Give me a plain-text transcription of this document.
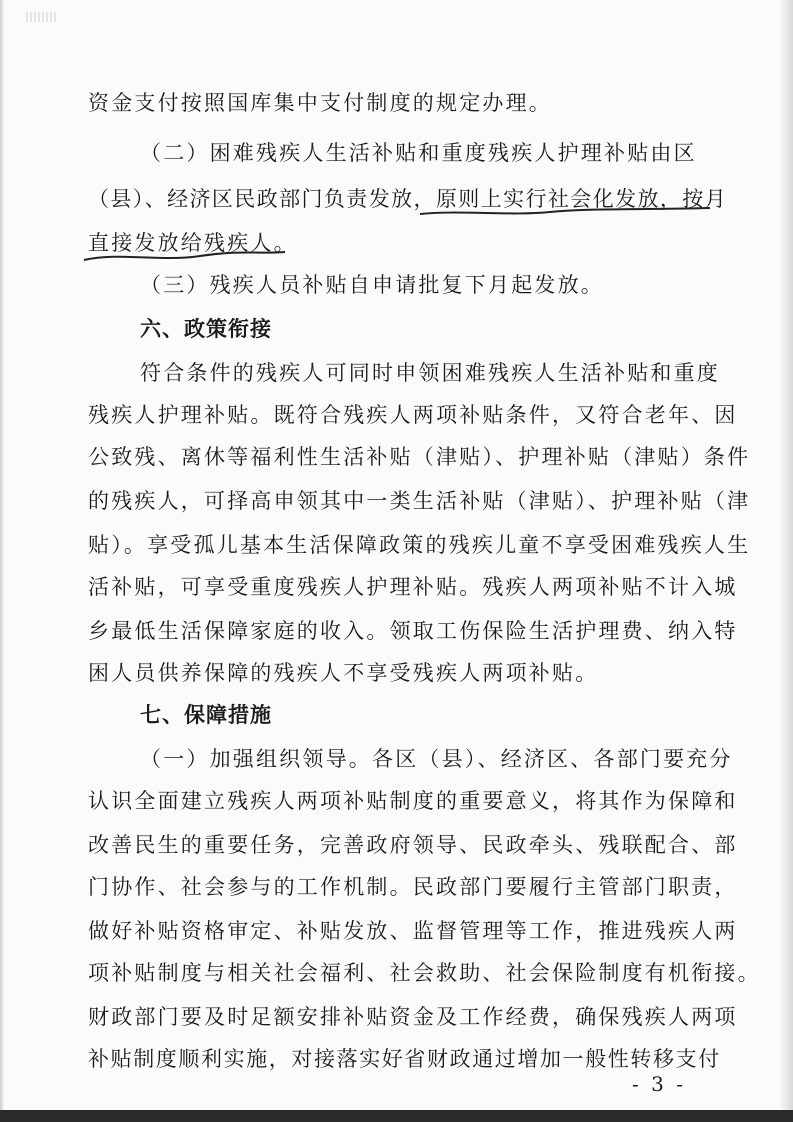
资金支付按照国库集中支付制度的规定办理。
（二）困难残疾人生活补贴和重度残疾人护理补贴由区
（县）、经济区民政部门负责发放，原则上实行社会化发放，按月
直接发放给残疾人。
（三）残疾人员补贴自申请批复下月起发放。
六、政策衔接
符合条件的残疾人可同时申领困难残疾人生活补贴和重度
残疾人护理补贴。既符合残疾人两项补贴条件，又符合老年、因
公致残、离休等福利性生活补贴（津贴）、护理补贴（津贴）条件
的残疾人，可择高申领其中一类生活补贴（津贴）、护理补贴（津
贴）。享受孤儿基本生活保障政策的残疾儿童不享受困难残疾人生
活补贴，可享受重度残疾人护理补贴。残疾人两项补贴不计入城
乡最低生活保障家庭的收入。领取工伤保险生活护理费、纳入特
困人员供养保障的残疾人不享受残疾人两项补贴。
七、保障措施
（一）加强组织领导。各区（县）、经济区、各部门要充分
认识全面建立残疾人两项补贴制度的重要意义，将其作为保障和
改善民生的重要任务，完善政府领导、民政牵头、残联配合、部
门协作、社会参与的工作机制。民政部门要履行主管部门职责，
做好补贴资格审定、补贴发放、监督管理等工作，推进残疾人两
项补贴制度与相关社会福利、社会救助、社会保险制度有机衔接。
财政部门要及时足额安排补贴资金及工作经费，确保残疾人两项
补贴制度顺利实施，对接落实好省财政通过增加一般性转移支付
- 3 -
